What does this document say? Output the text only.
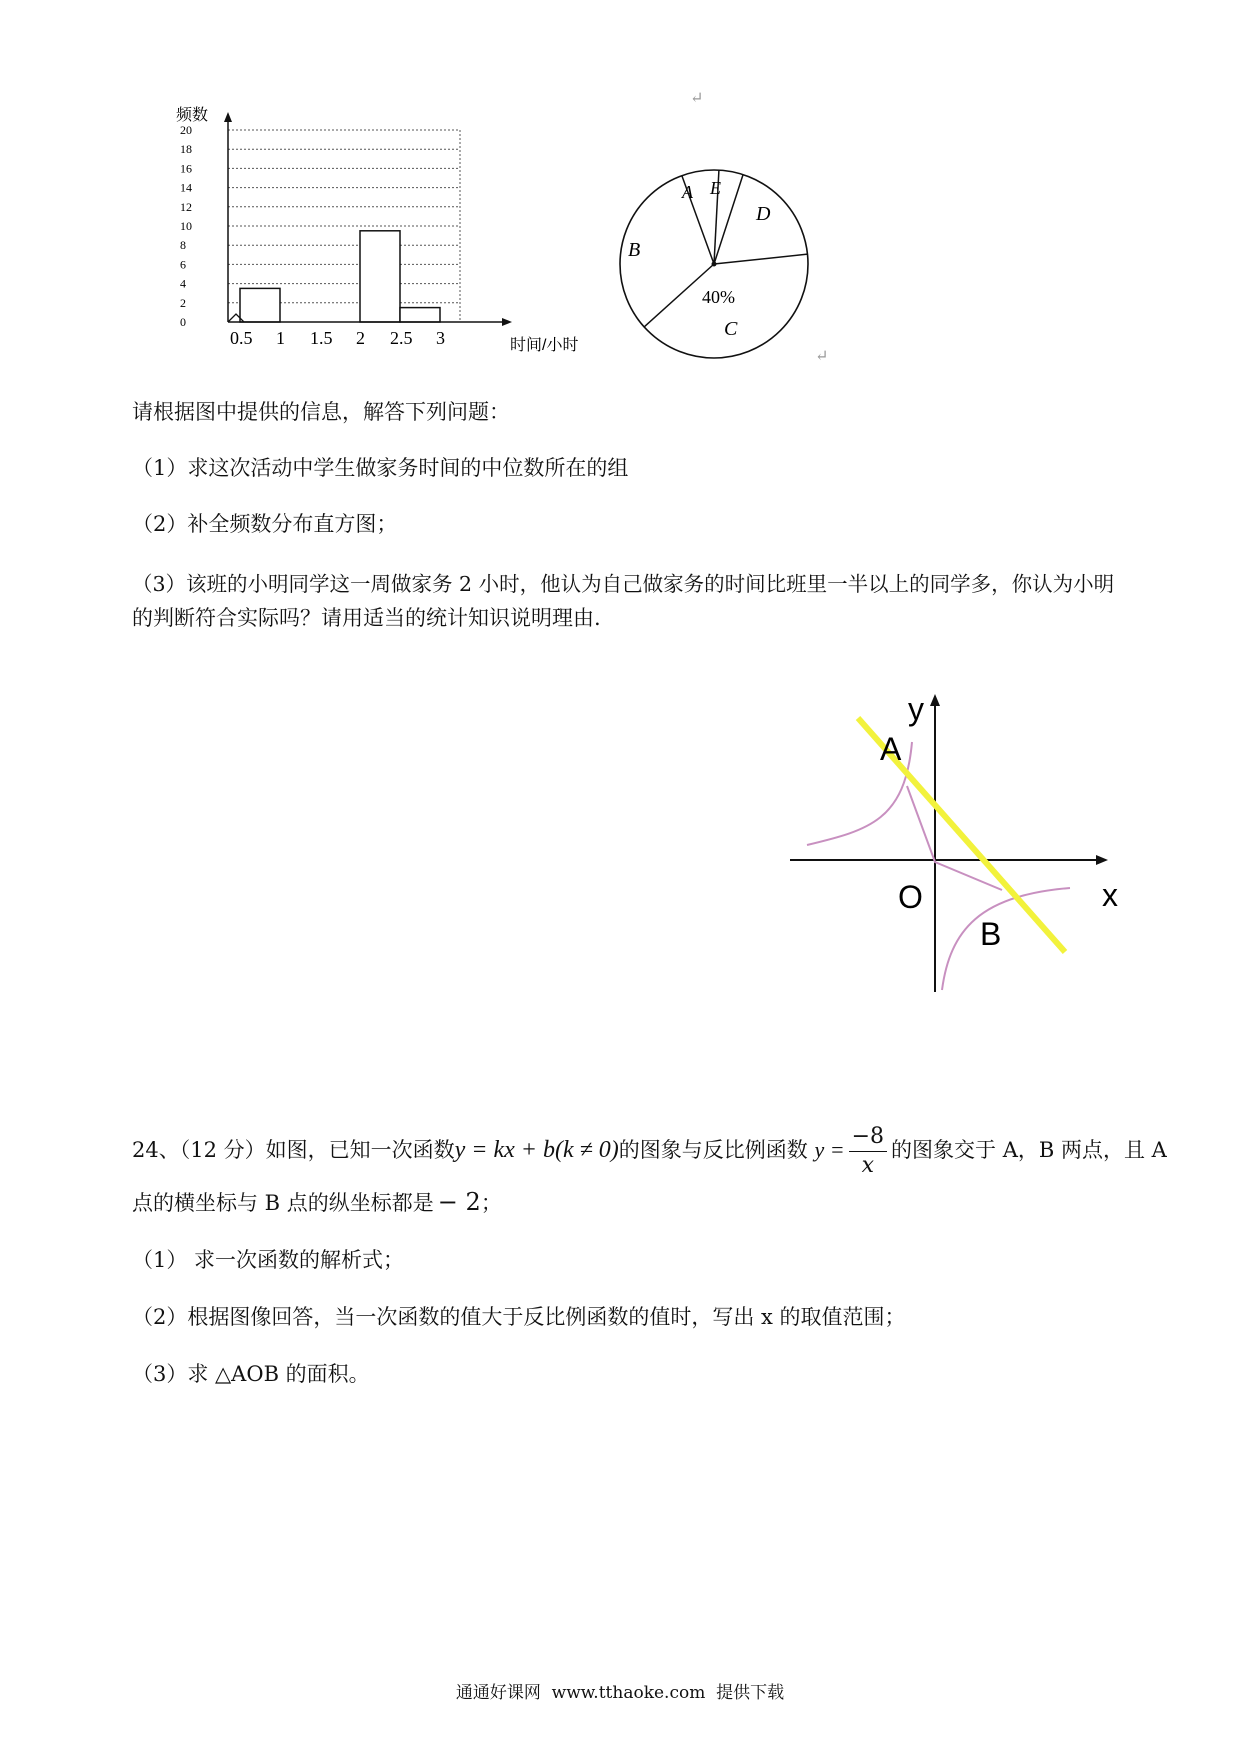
20
18
16
14
12
10
8
6
4
2
0
0.5 1 1.5 2 2.5 3
频数
时间/小时
A E
D
B
C
40%
↵
↵
请根据图中提供的信息，解答下列问题：
（1）求这次活动中学生做家务时间的中位数所在的组
（2）补全频数分布直方图；
（3）该班的小明同学这一周做家务 2 小时，他认为自己做家务的时间比班里一半以上的同学多，你认为小明
的判断符合实际吗？请用适当的统计知识说明理由.
y
x
O
A
B
24、（12 分）如图，已知一次函数y = kx + b(k ≠ 0)的图象与反比例函数 $y = \frac{-8}{x}$ 的图象交于 A，B 两点，且 A
点的横坐标与 B 点的纵坐标都是 − 2；
（1） 求一次函数的解析式；
（2）根据图像回答，当一次函数的值大于反比例函数的值时，写出 x 的取值范围；
（3）求 △AOB 的面积。
通通好课网  www.tthaoke.com  提供下载
